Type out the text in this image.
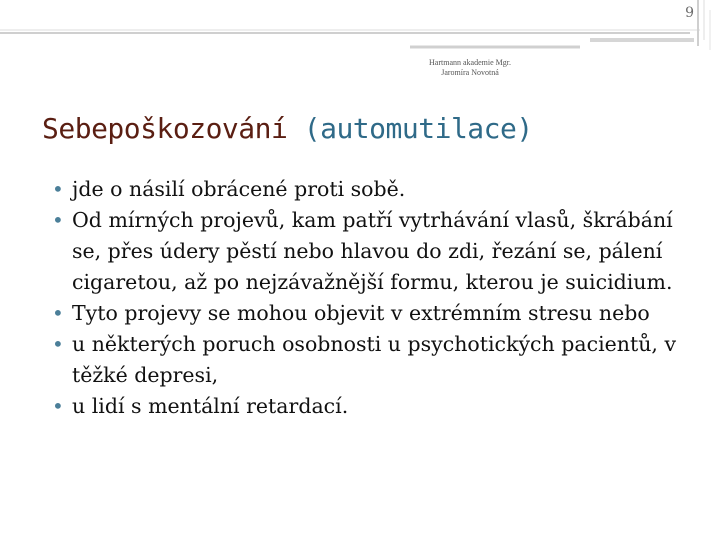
9
Hartmann akademie Mgr.
Jaromíra Novotná
Sebepoškozování (automutilace)
• jde o násilí obrácené proti sobě.
• Od mírných projevů, kam patří vytrhávání vlasů, škrábání se, přes údery pěstí nebo hlavou do zdi, řezání se, pálení cigaretou, až po nejzávažnější formu, kterou je suicidium.
• Tyto projevy se mohou objevit v extrémním stresu nebo
• u některých poruch osobnosti u psychotických pacientů, v těžké depresi,
• u lidí s mentální retardací.
